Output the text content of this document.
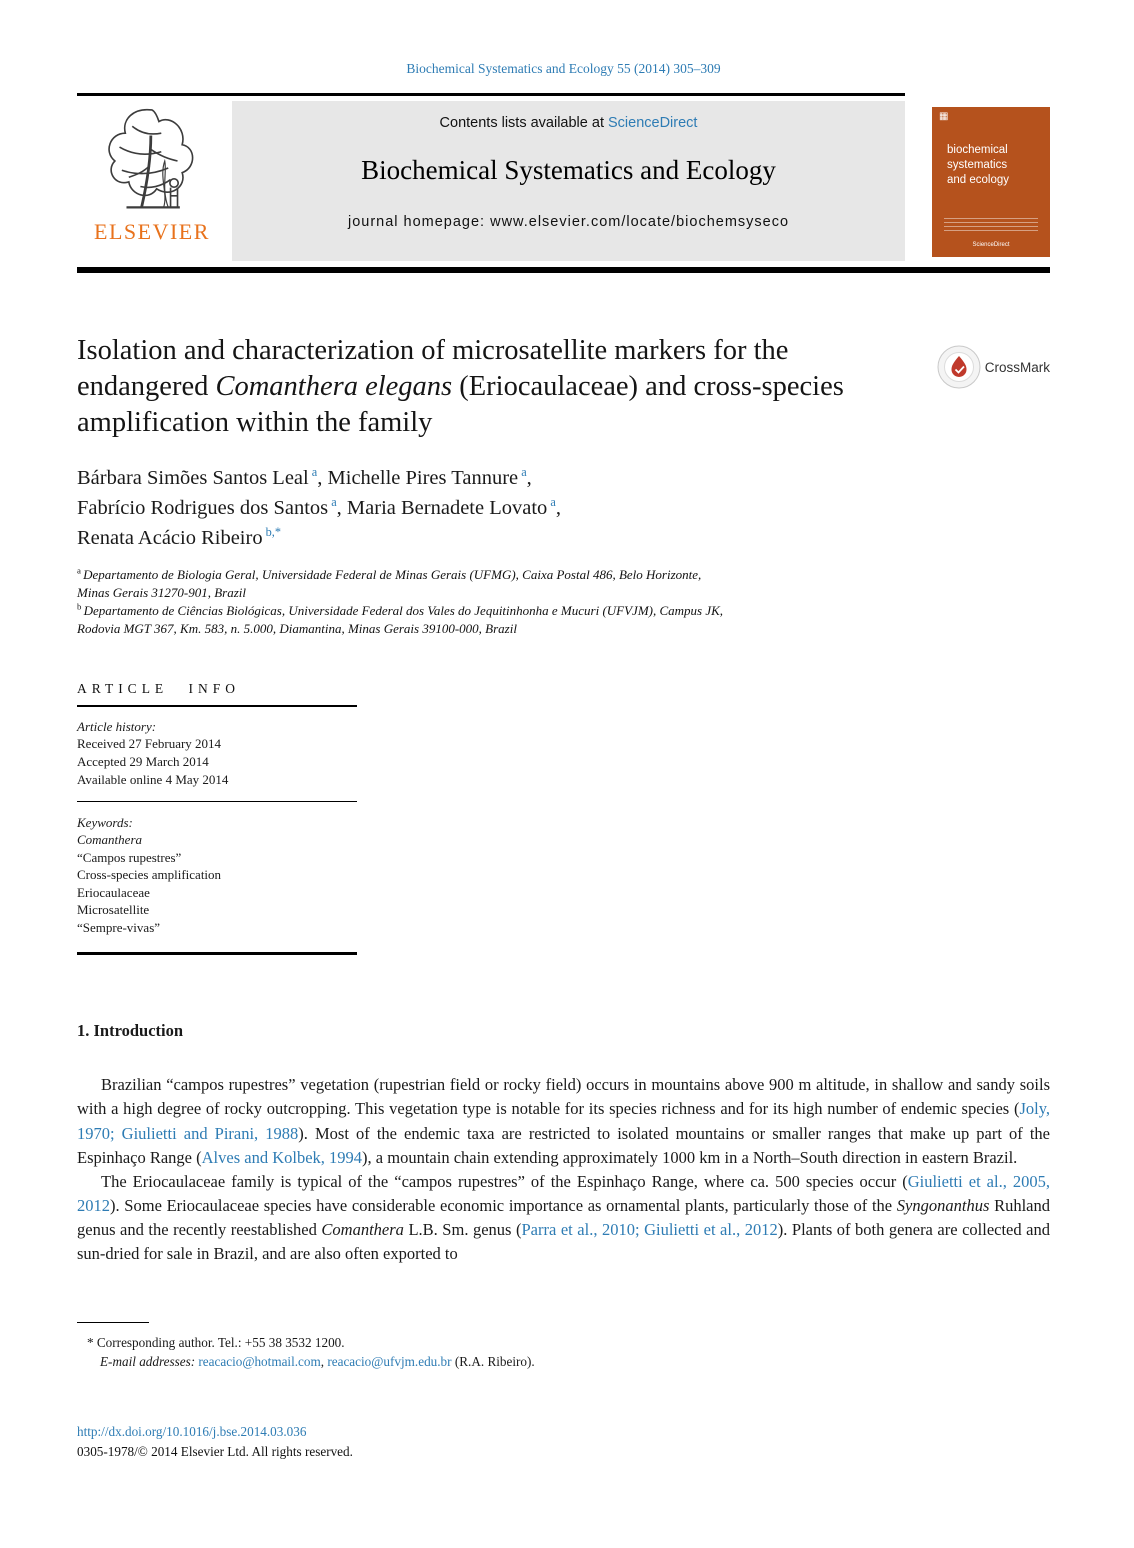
Biochemical Systematics and Ecology 55 (2014) 305–309
ELSEVIER
Contents lists available at ScienceDirect
Biochemical Systematics and Ecology
journal homepage: www.elsevier.com/locate/biochemsyseco
▦
biochemical systematics and ecology
ScienceDirect
Isolation and characterization of microsatellite markers for the endangered Comanthera elegans (Eriocaulaceae) and cross-species amplification within the family
CrossMark
Bárbara Simões Santos Leal $^a$, Michelle Pires Tannure $^a$,
Fabrício Rodrigues dos Santos $^a$, Maria Bernadete Lovato $^a$,
Renata Acácio Ribeiro $^{b,*}$
$^a$ Departamento de Biologia Geral, Universidade Federal de Minas Gerais (UFMG), Caixa Postal 486, Belo Horizonte,
Minas Gerais 31270-901, Brazil
$^b$ Departamento de Ciências Biológicas, Universidade Federal dos Vales do Jequitinhonha e Mucuri (UFVJM), Campus JK,
Rodovia MGT 367, Km. 583, n. 5.000, Diamantina, Minas Gerais 39100-000, Brazil
ARTICLE INFO
Article history:
Received 27 February 2014
Accepted 29 March 2014
Available online 4 May 2014
Keywords:
Comanthera
“Campos rupestres”
Cross-species amplification
Eriocaulaceae
Microsatellite
“Sempre-vivas”
1. Introduction

Brazilian “campos rupestres” vegetation (rupestrian field or rocky field) occurs in mountains above 900 m altitude, in shallow and sandy soils with a high degree of rocky outcropping. This vegetation type is notable for its species richness and for its high number of endemic species (Joly, 1970; Giulietti and Pirani, 1988). Most of the endemic taxa are restricted to isolated mountains or smaller ranges that make up part of the Espinhaço Range (Alves and Kolbek, 1994), a mountain chain extending approximately 1000 km in a North–South direction in eastern Brazil.

The Eriocaulaceae family is typical of the “campos rupestres” of the Espinhaço Range, where ca. 500 species occur (Giulietti et al., 2005, 2012). Some Eriocaulaceae species have considerable economic importance as ornamental plants, particularly those of the Syngonanthus Ruhland genus and the recently reestablished Comanthera L.B. Sm. genus (Parra et al., 2010; Giulietti et al., 2012). Plants of both genera are collected and sun-dried for sale in Brazil, and are also often exported to

* Corresponding author. Tel.: +55 38 3532 1200.
E-mail addresses: reacacio@hotmail.com, reacacio@ufvjm.edu.br (R.A. Ribeiro).
http://dx.doi.org/10.1016/j.bse.2014.03.036
0305-1978/© 2014 Elsevier Ltd. All rights reserved.
